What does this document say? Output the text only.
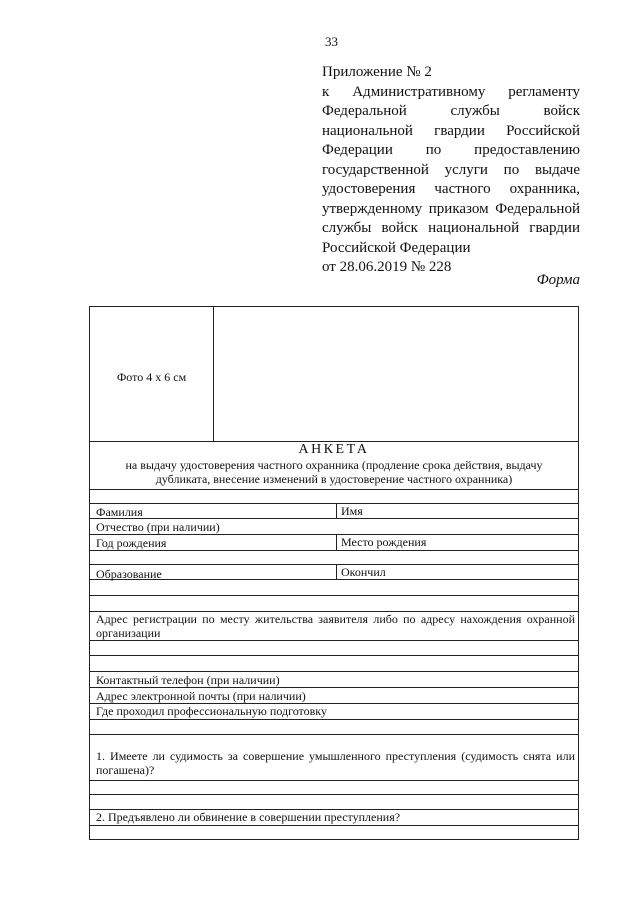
33
Приложение № 2
к Административному регламенту
Федеральной службы войск
национальной гвардии Российской
Федерации по предоставлению
государственной услуги по выдаче
удостоверения частного охранника,
утвержденному приказом Федеральной
службы войск национальной гвардии
Российской Федерации
от 28.06.2019 № 228
Форма
Фото 4 х 6 см
АНКЕТА
на выдачу удостоверения частного охранника (продление срока действия, выдачу дубликата, внесение изменений в удостоверение частного охранника)
Фамилия	Имя
Отчество (при наличии)
Год рождения	Место рождения
Образование	Окончил
Адрес регистрации по месту жительства заявителя либо по адресу нахождения охранной организации
Контактный телефон (при наличии)
Адрес электронной почты (при наличии)
Где проходил профессиональную подготовку
1. Имеете ли судимость за совершение умышленного преступления (судимость снята или погашена)?
2. Предъявлено ли обвинение в совершении преступления?
